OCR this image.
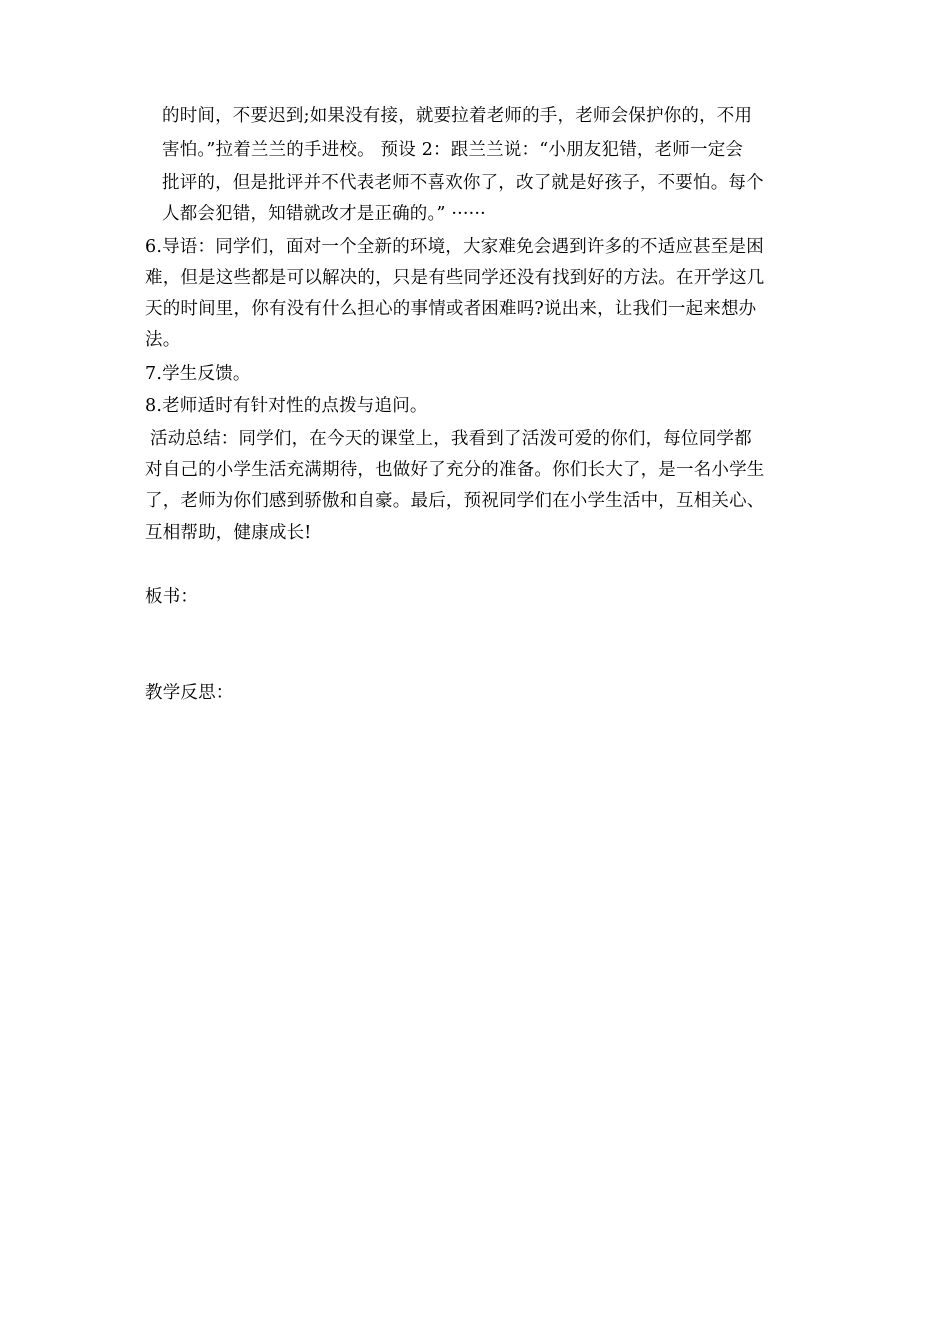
的时间，不要迟到;如果没有接，就要拉着老师的手，老师会保护你的，不用
害怕。”拉着兰兰的手进校。 预设 2：跟兰兰说：“小朋友犯错，老师一定会
批评的，但是批评并不代表老师不喜欢你了，改了就是好孩子，不要怕。每个
人都会犯错，知错就改才是正确的。” ······
6.导语：同学们，面对一个全新的环境，大家难免会遇到许多的不适应甚至是困
难，但是这些都是可以解决的，只是有些同学还没有找到好的方法。在开学这几
天的时间里，你有没有什么担心的事情或者困难吗?说出来，让我们一起来想办
法。
7.学生反馈。
8.老师适时有针对性的点拨与追问。
活动总结：同学们，在今天的课堂上，我看到了活泼可爱的你们，每位同学都
对自己的小学生活充满期待，也做好了充分的准备。你们长大了，是一名小学生
了，老师为你们感到骄傲和自豪。最后，预祝同学们在小学生活中，互相关心、
互相帮助，健康成长!
板书：
教学反思：
